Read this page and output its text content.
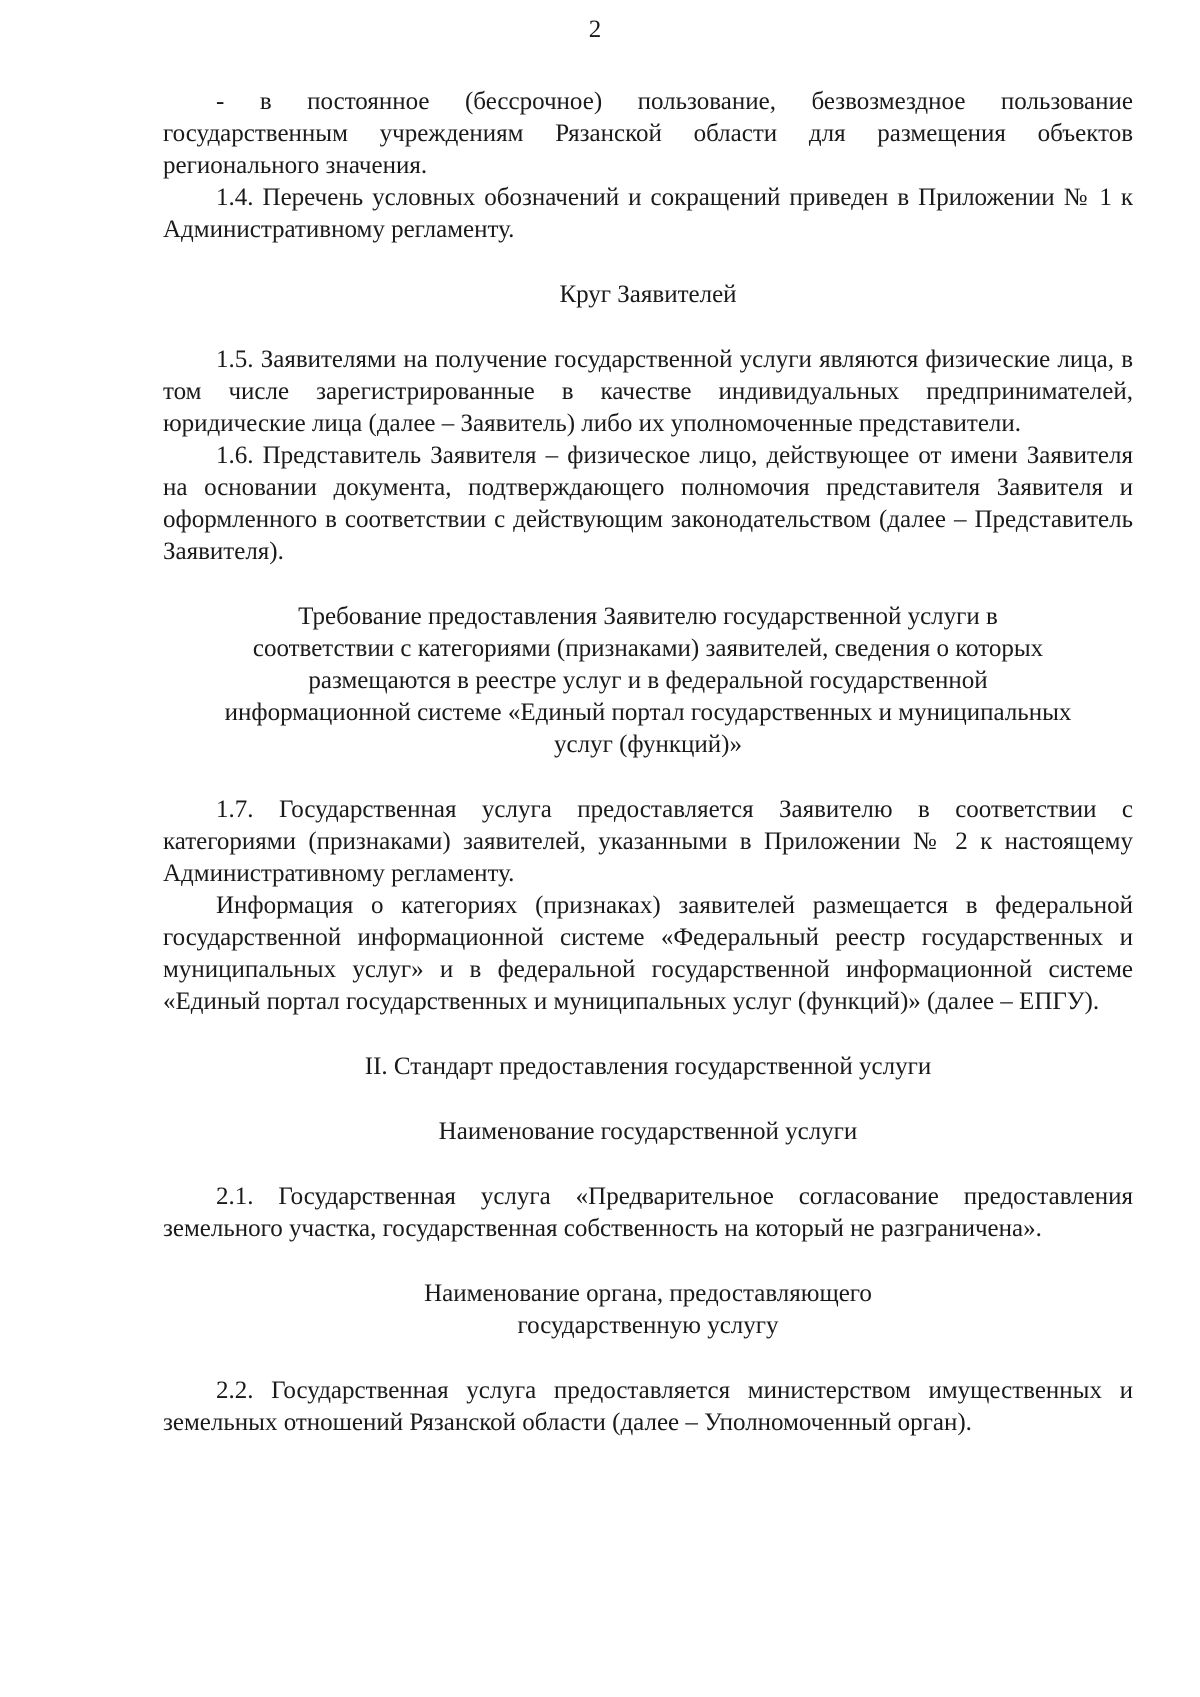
2

- в постоянное (бессрочное) пользование, безвозмездное пользование государственным учреждениям Рязанской области для размещения объектов регионального значения.

1.4. Перечень условных обозначений и сокращений приведен в Приложении № 1 к Административному регламенту.

Круг Заявителей

1.5. Заявителями на получение государственной услуги являются физические лица, в том числе зарегистрированные в качестве индивидуальных предпринимателей, юридические лица (далее – Заявитель) либо их уполномоченные представители.

1.6. Представитель Заявителя – физическое лицо, действующее от имени Заявителя на основании документа, подтверждающего полномочия представителя Заявителя и оформленного в соответствии с действующим законодательством (далее – Представитель Заявителя).

Требование предоставления Заявителю государственной услуги в
соответствии с категориями (признаками) заявителей, сведения о которых
размещаются в реестре услуг и в федеральной государственной
информационной системе «Единый портал государственных и муниципальных
услуг (функций)»

1.7. Государственная услуга предоставляется Заявителю в соответствии с категориями (признаками) заявителей, указанными в Приложении № 2 к настоящему Административному регламенту.

Информация о категориях (признаках) заявителей размещается в федеральной государственной информационной системе «Федеральный реестр государственных и муниципальных услуг» и в федеральной государственной информационной системе «Единый портал государственных и муниципальных услуг (функций)» (далее – ЕПГУ).

II. Стандарт предоставления государственной услуги

Наименование государственной услуги

2.1. Государственная услуга «Предварительное согласование предоставления земельного участка, государственная собственность на который не разграничена».

Наименование органа, предоставляющего
государственную услугу

2.2. Государственная услуга предоставляется министерством имущественных и земельных отношений Рязанской области (далее – Уполномоченный орган).
